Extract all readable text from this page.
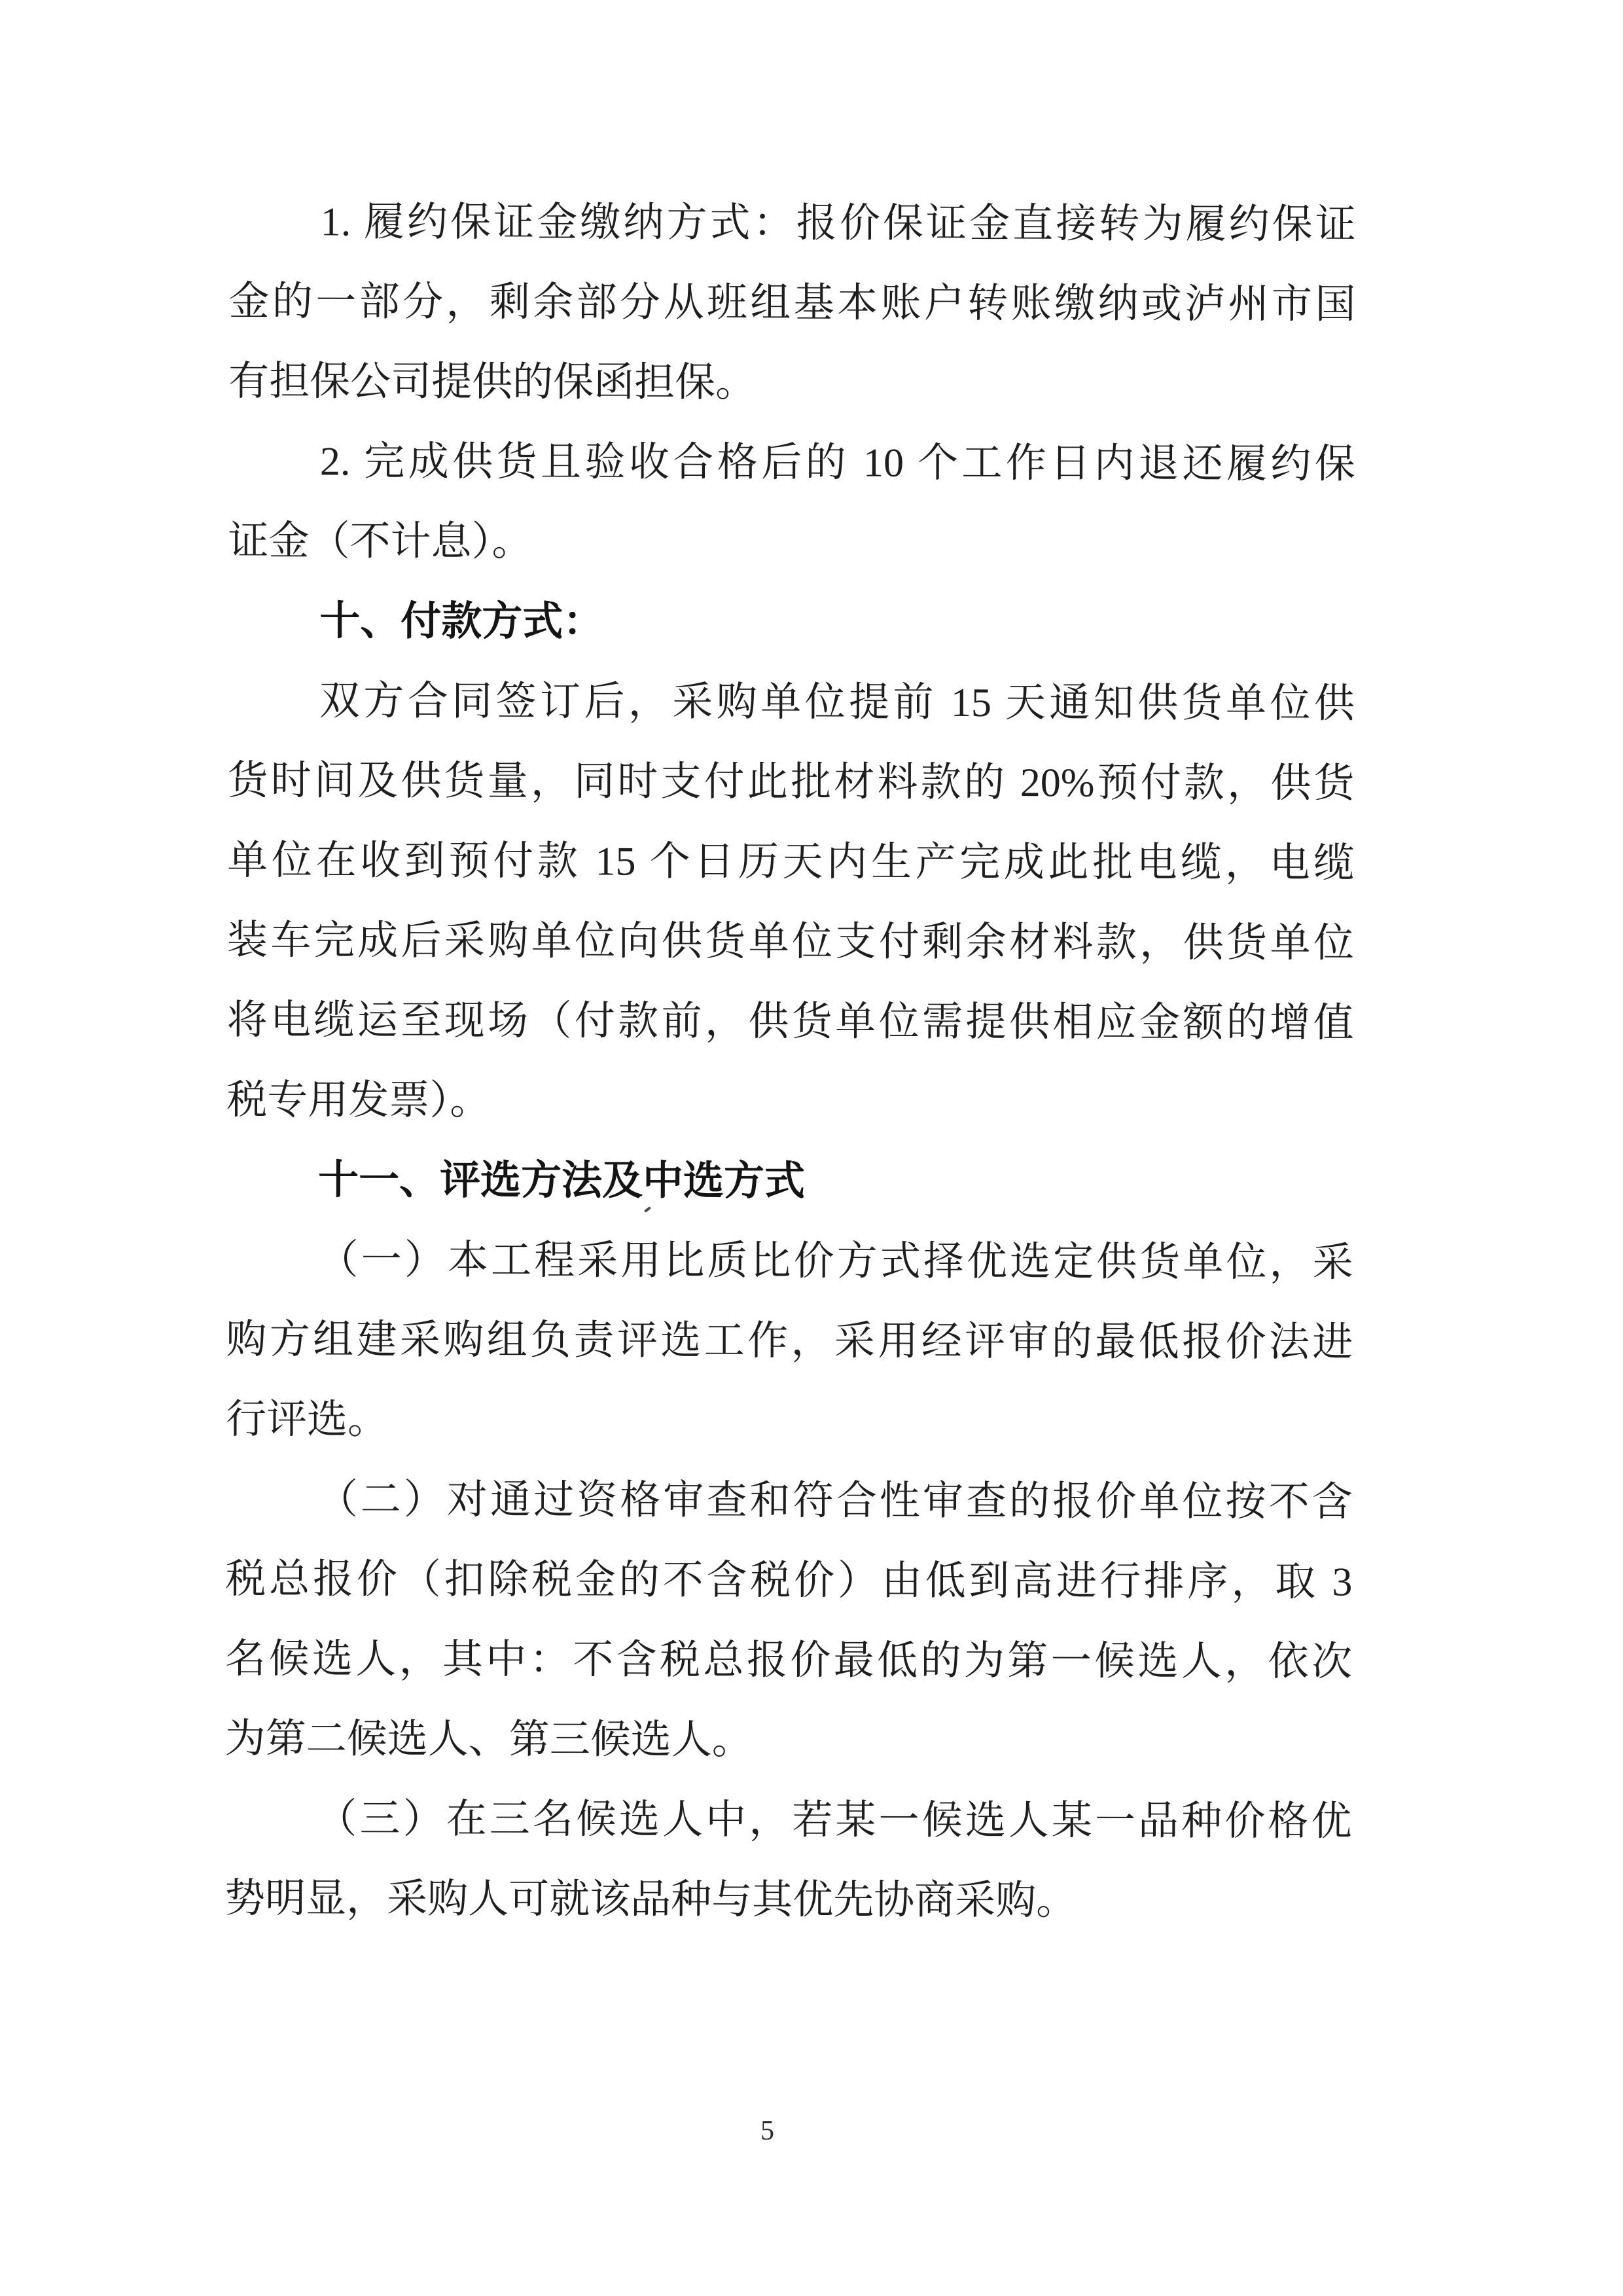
1. 履约保证金缴纳方式：报价保证金直接转为履约保证
金的一部分，剩余部分从班组基本账户转账缴纳或泸州市国
有担保公司提供的保函担保。
2. 完成供货且验收合格后的 10 个工作日内退还履约保
证金（不计息）。
十、付款方式：
双方合同签订后，采购单位提前 15 天通知供货单位供
货时间及供货量，同时支付此批材料款的 20%预付款，供货
单位在收到预付款 15 个日历天内生产完成此批电缆，电缆
装车完成后采购单位向供货单位支付剩余材料款，供货单位
将电缆运至现场（付款前，供货单位需提供相应金额的增值
税专用发票）。
十一、评选方法及中选方式
（一）本工程采用比质比价方式择优选定供货单位，采
购方组建采购组负责评选工作，采用经评审的最低报价法进
行评选。
（二）对通过资格审查和符合性审查的报价单位按不含
税总报价（扣除税金的不含税价）由低到高进行排序，取 3
名候选人，其中：不含税总报价最低的为第一候选人，依次
为第二候选人、第三候选人。
（三）在三名候选人中，若某一候选人某一品种价格优
势明显，采购人可就该品种与其优先协商采购。
5
